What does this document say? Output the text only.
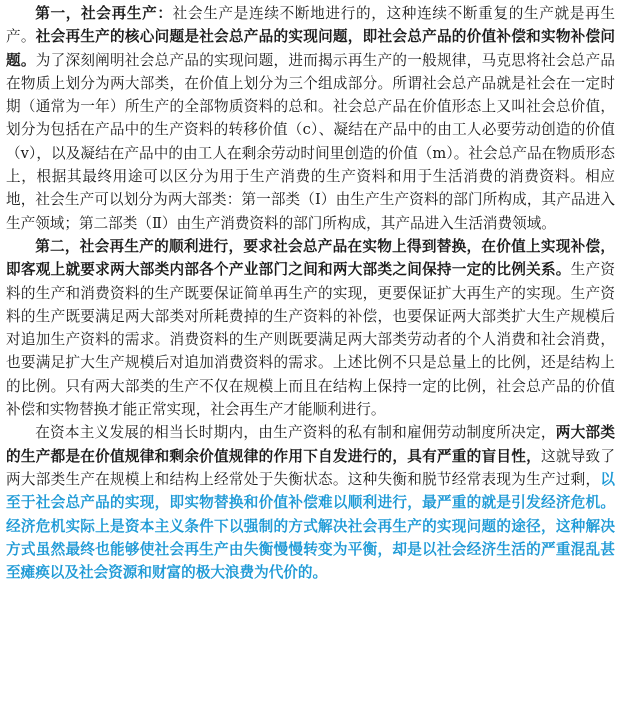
第一，社会再生产：社会生产是连续不断地进行的，这种连续不断重复的生产就是再生产。社会再生产的核心问题是社会总产品的实现问题，即社会总产品的价值补偿和实物补偿问题。为了深刻阐明社会总产品的实现问题，进而揭示再生产的一般规律，马克思将社会总产品在物质上划分为两大部类，在价值上划分为三个组成部分。所谓社会总产品就是社会在一定时期（通常为一年）所生产的全部物质资料的总和。社会总产品在价值形态上又叫社会总价值，划分为包括在产品中的生产资料的转移价值（c）、凝结在产品中的由工人必要劳动创造的价值（v），以及凝结在产品中的由工人在剩余劳动时间里创造的价值（m）。社会总产品在物质形态上，根据其最终用途可以区分为用于生产消费的生产资料和用于生活消费的消费资料。相应地，社会生产可以划分为两大部类：第一部类（Ⅰ）由生产生产资料的部门所构成，其产品进入生产领域；第二部类（Ⅱ）由生产消费资料的部门所构成，其产品进入生活消费领域。

第二，社会再生产的顺利进行，要求社会总产品在实物上得到替换，在价值上实现补偿，即客观上就要求两大部类内部各个产业部门之间和两大部类之间保持一定的比例关系。生产资料的生产和消费资料的生产既要保证简单再生产的实现，更要保证扩大再生产的实现。生产资料的生产既要满足两大部类对所耗费掉的生产资料的补偿，也要保证两大部类扩大生产规模后对追加生产资料的需求。消费资料的生产则既要满足两大部类劳动者的个人消费和社会消费，也要满足扩大生产规模后对追加消费资料的需求。上述比例不只是总量上的比例，还是结构上的比例。只有两大部类的生产不仅在规模上而且在结构上保持一定的比例，社会总产品的价值补偿和实物替换才能正常实现，社会再生产才能顺利进行。

在资本主义发展的相当长时期内，由生产资料的私有制和雇佣劳动制度所决定，两大部类的生产都是在价值规律和剩余价值规律的作用下自发进行的，具有严重的盲目性，这就导致了两大部类生产在规模上和结构上经常处于失衡状态。这种失衡和脱节经常表现为生产过剩，以至于社会总产品的实现，即实物替换和价值补偿难以顺利进行，最严重的就是引发经济危机。经济危机实际上是资本主义条件下以强制的方式解决社会再生产的实现问题的途径，这种解决方式虽然最终也能够使社会再生产由失衡慢慢转变为平衡，却是以社会经济生活的严重混乱甚至瘫痪以及社会资源和财富的极大浪费为代价的。
